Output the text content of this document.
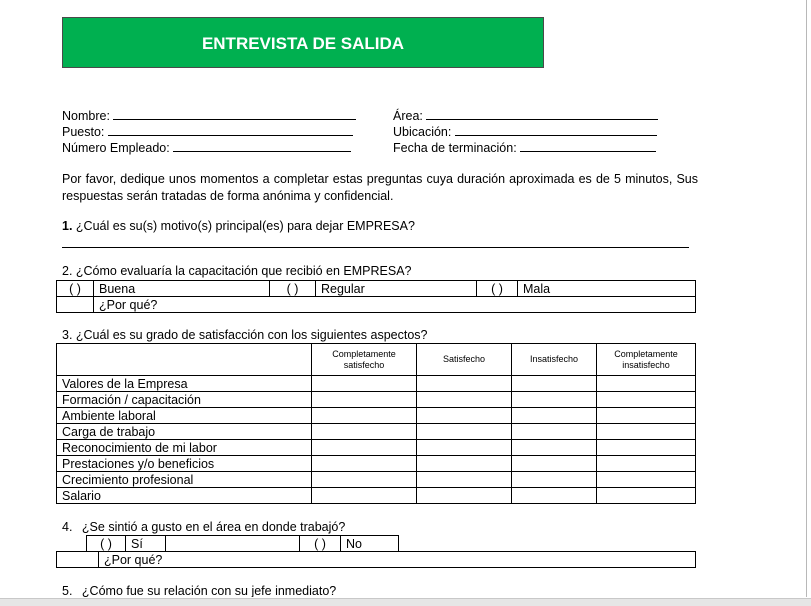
ENTREVISTA DE SALIDA
Nombre:
Puesto:
Número Empleado:
Área:
Ubicación:
Fecha de terminación:
Por favor, dedique unos momentos a completar estas preguntas cuya duración aproximada es de 5 minutos, Sus respuestas serán tratadas de forma anónima y confidencial.
1. ¿Cuál es su(s) motivo(s) principal(es) para dejar EMPRESA?
2. ¿Cómo evaluaría la capacitación que recibió en EMPRESA?
( )	Buena	( )	Regular	( )	Mala
	¿Por qué?				
3. ¿Cuál es su grado de satisfacción con los siguientes aspectos?
	Completamente satisfecho	Satisfecho	Insatisfecho	Completamente insatisfecho
Valores de la Empresa				
Formación / capacitación				
Ambiente laboral				
Carga de trabajo				
Reconocimiento de mi labor				
Prestaciones y/o beneficios				
Crecimiento profesional				
Salario				
4. ¿Se sintió a gusto en el área en donde trabajó?
( )	Sí		( )	No
	¿Por qué?
5. ¿Cómo fue su relación con su jefe inmediato?
